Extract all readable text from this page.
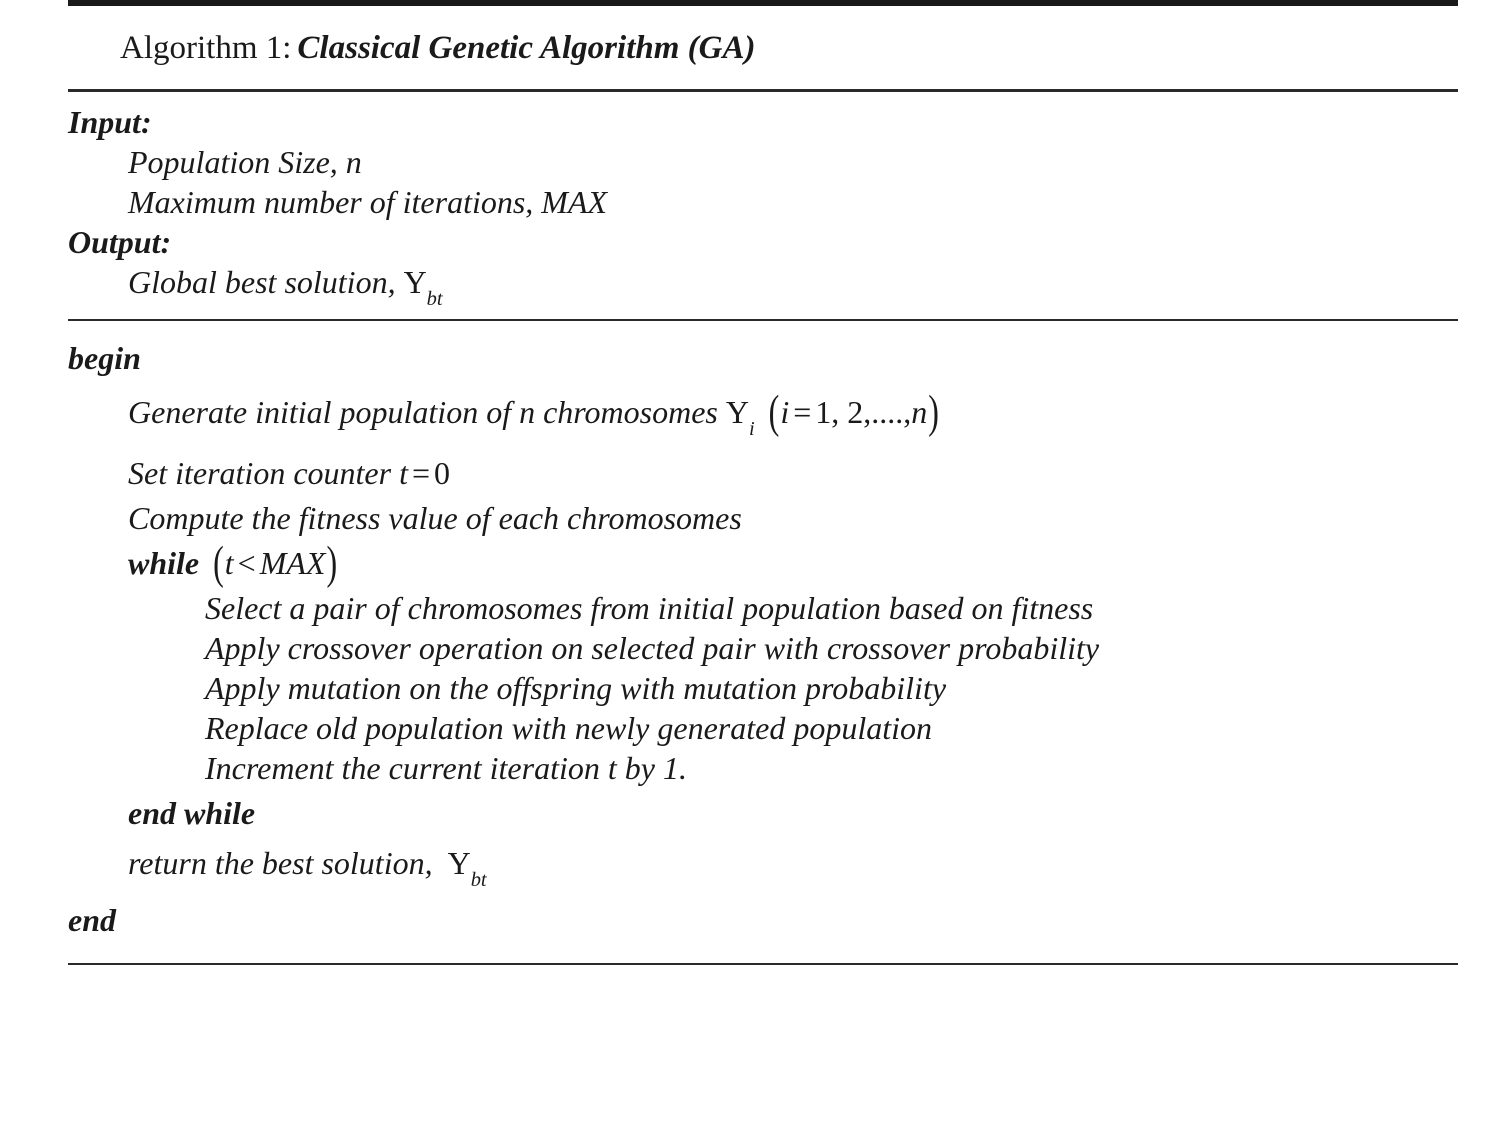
Algorithm 1: Classical Genetic Algorithm (GA)
Input:
Population Size, n
Maximum number of iterations, MAX
Output:
Global best solution, $Y_{bt}$
begin
Generate initial population of n chromosomes $Y_i$ (i = 1, 2,....,n)
Set iteration counter t = 0
Compute the fitness value of each chromosomes
while (t < MAX)
Select a pair of chromosomes from initial population based on fitness
Apply crossover operation on selected pair with crossover probability
Apply mutation on the offspring with mutation probability
Replace old population with newly generated population
Increment the current iteration t by 1.
end while
return the best solution, $Y_{bt}$
end
